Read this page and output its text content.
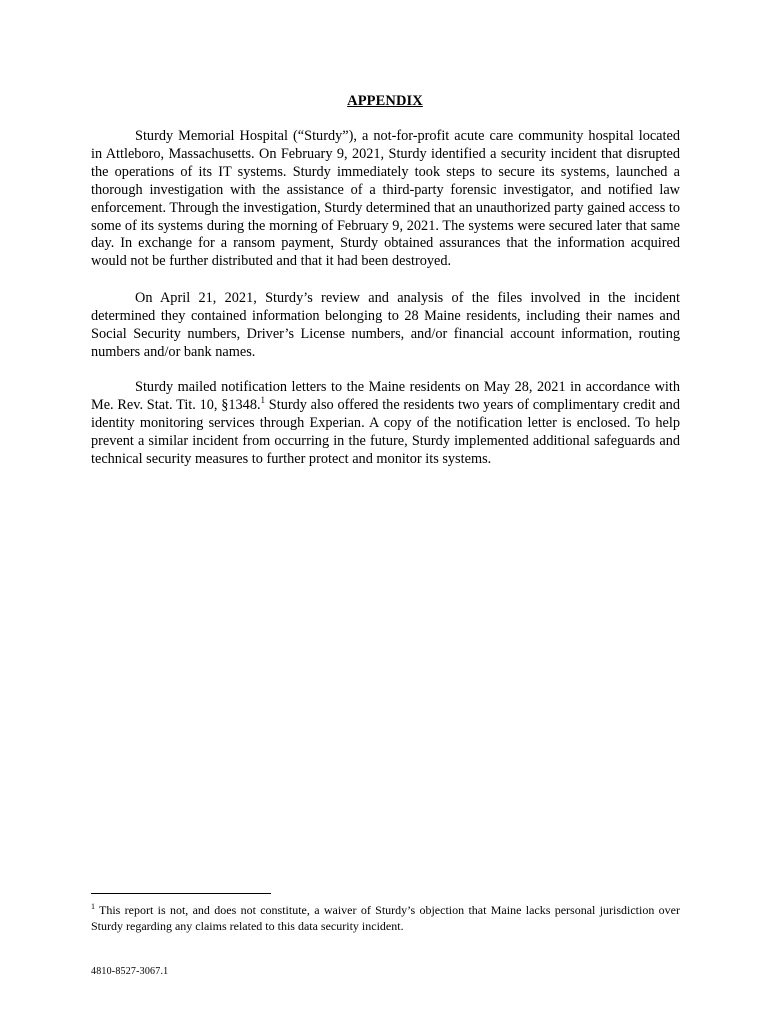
APPENDIX

Sturdy Memorial Hospital (“Sturdy”), a not-for-profit acute care community hospital located in Attleboro, Massachusetts. On February 9, 2021, Sturdy identified a security incident that disrupted the operations of its IT systems. Sturdy immediately took steps to secure its systems, launched a thorough investigation with the assistance of a third-party forensic investigator, and notified law enforcement. Through the investigation, Sturdy determined that an unauthorized party gained access to some of its systems during the morning of February 9, 2021. The systems were secured later that same day. In exchange for a ransom payment, Sturdy obtained assurances that the information acquired would not be further distributed and that it had been destroyed.

On April 21, 2021, Sturdy’s review and analysis of the files involved in the incident determined they contained information belonging to 28 Maine residents, including their names and Social Security numbers, Driver’s License numbers, and/or financial account information, routing numbers and/or bank names.

Sturdy mailed notification letters to the Maine residents on May 28, 2021 in accordance with Me. Rev. Stat. Tit. 10, §1348.$^1$ Sturdy also offered the residents two years of complimentary credit and identity monitoring services through Experian. A copy of the notification letter is enclosed. To help prevent a similar incident from occurring in the future, Sturdy implemented additional safeguards and technical security measures to further protect and monitor its systems.

$^1$ This report is not, and does not constitute, a waiver of Sturdy’s objection that Maine lacks personal jurisdiction over Sturdy regarding any claims related to this data security incident.

4810-8527-3067.1
